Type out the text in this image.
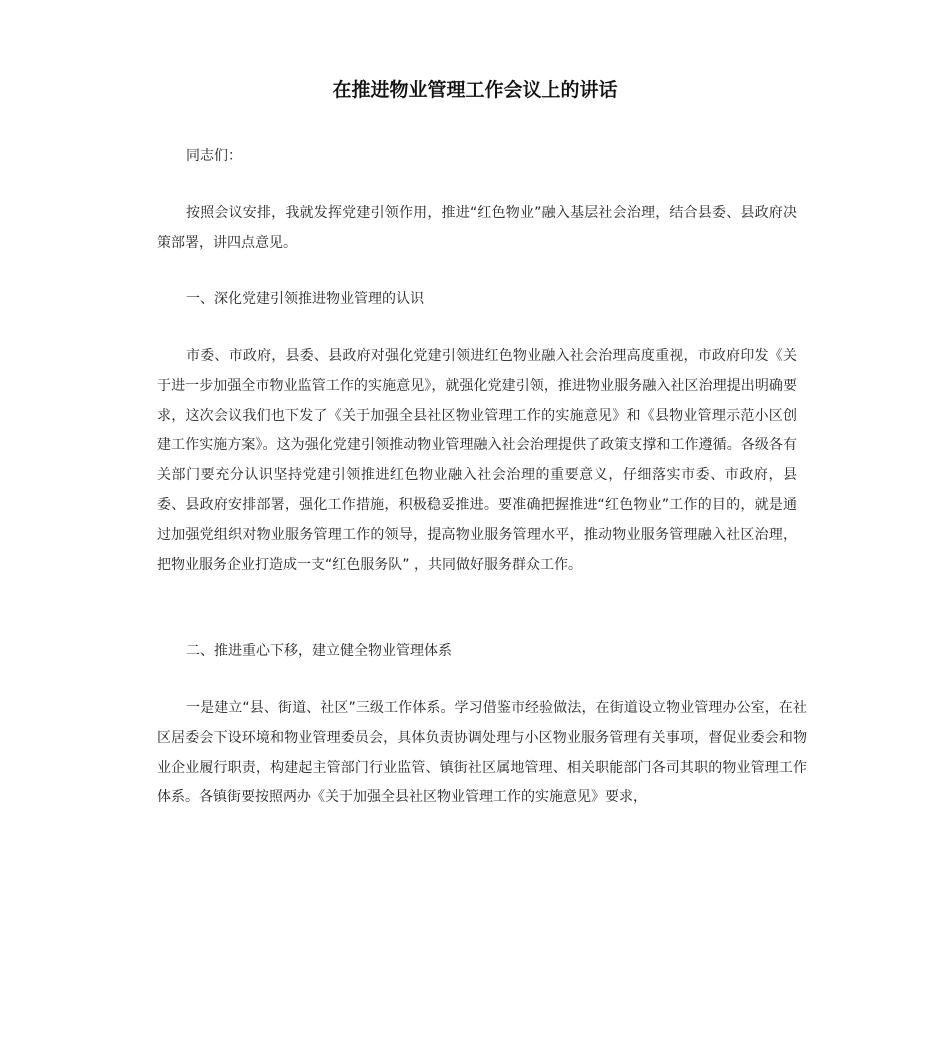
在推进物业管理工作会议上的讲话

同志们：

按照会议安排，我就发挥党建引领作用，推进“红色物业”融入基层社会治理，结合县委、县政府决策部署，讲四点意见。

一、深化党建引领推进物业管理的认识

市委、市政府，县委、县政府对强化党建引领进红色物业融入社会治理高度重视，市政府印发《关于进一步加强全市物业监管工作的实施意见》，就强化党建引领，推进物业服务融入社区治理提出明确要求，这次会议我们也下发了《关于加强全县社区物业管理工作的实施意见》和《县物业管理示范小区创建工作实施方案》。这为强化党建引领推动物业管理融入社会治理提供了政策支撑和工作遵循。各级各有关部门要充分认识坚持党建引领推进红色物业融入社会治理的重要意义，仔细落实市委、市政府，县委、县政府安排部署，强化工作措施，积极稳妥推进。要准确把握推进“红色物业”工作的目的，就是通过加强党组织对物业服务管理工作的领导，提高物业服务管理水平，推动物业服务管理融入社区治理，把物业服务企业打造成一支“红色服务队” ，共同做好服务群众工作。

二、推进重心下移，建立健全物业管理体系

一是建立“县、街道、社区”三级工作体系。学习借鉴市经验做法，在街道设立物业管理办公室，在社区居委会下设环境和物业管理委员会，具体负责协调处理与小区物业服务管理有关事项，督促业委会和物业企业履行职责，构建起主管部门行业监管、镇街社区属地管理、相关职能部门各司其职的物业管理工作体系。各镇街要按照两办《关于加强全县社区物业管理工作的实施意见》要求，
